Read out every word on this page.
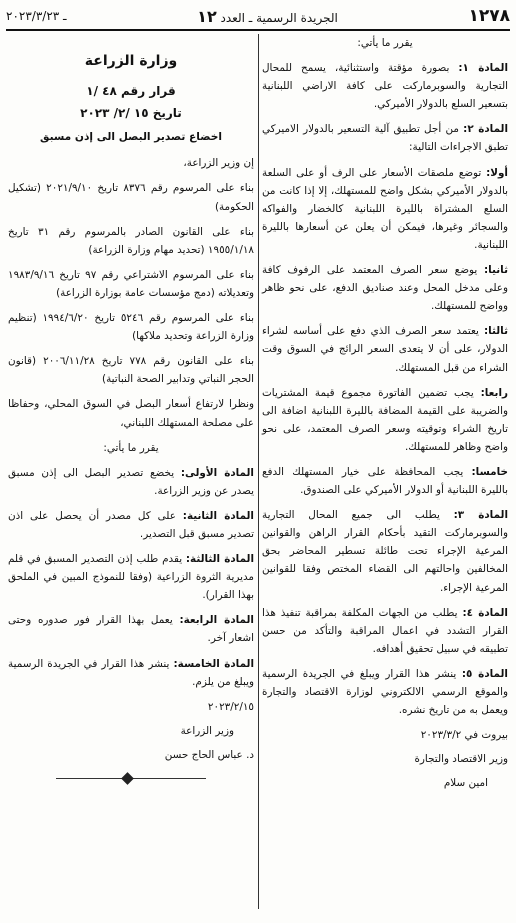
١٢٧٨
الجريدة الرسمية ـ العدد ١٢
ـ ٢٠٢٣/٣/٢٣

يقرر ما يأتي:

المادة ١: بصورة مؤقتة واستثنائية، يسمح للمحال التجارية والسوبرماركت على كافة الاراضي اللبنانية بتسعير السلع بالدولار الأميركي.

المادة ٢: من أجل تطبيق آلية التسعير بالدولار الاميركي تطبق الاجراءات التالية:

أولا: توضع ملصقات الأسعار على الرف أو على السلعة بالدولار الأميركي بشكل واضح للمستهلك، إلا إذا كانت من السلع المشتراة بالليرة اللبنانية كالخضار والفواكه والسجائر وغيرها، فيمكن أن يعلن عن أسعارها بالليرة اللبنانية.

ثانيا: يوضع سعر الصرف المعتمد على الرفوف كافة وعلى مدخل المحل وعند صناديق الدفع، على نحو ظاهر وواضح للمستهلك.

ثالثا: يعتمد سعر الصرف الذي دفع على أساسه لشراء الدولار، على أن لا يتعدى السعر الرائج في السوق وقت الشراء من قبل المستهلك.

رابعا: يجب تضمين الفاتورة مجموع قيمة المشتريات والضريبة على القيمة المضافة بالليرة اللبنانية اضافة الى تاريخ الشراء وتوقيته وسعر الصرف المعتمد، على نحو واضح وظاهر للمستهلك.

خامسا: يجب المحافظة على خيار المستهلك الدفع بالليرة اللبنانية أو الدولار الأميركي على الصندوق.

المادة ٣: يطلب الى جميع المحال التجارية والسوبرماركت التقيد بأحكام القرار الراهن والقوانين المرعية الإجراء تحت طائلة تسطير المحاضر بحق المخالفين واحالتهم الى القضاء المختص وفقا للقوانين المرعية الإجراء.

المادة ٤: يطلب من الجهات المكلفة بمراقبة تنفيذ هذا القرار التشدد في اعمال المراقبة والتأكد من حسن تطبيقه في سبيل تحقيق أهدافه.

المادة ٥: ينشر هذا القرار ويبلغ في الجريدة الرسمية والموقع الرسمي الالكتروني لوزارة الاقتصاد والتجارة ويعمل به من تاريخ نشره.

بيروت في ٢٠٢٣/٣/٢

وزير الاقتصاد والتجارة

امين سلام

وزارة الزراعة
قرار رقم ٤٨ /١
تاريخ ١٥ /٢/ ٢٠٢٣
اخضاع تصدير البصل الى إذن مسبق

إن وزير الزراعة،

بناء على المرسوم رقم ٨٣٧٦ تاريخ ٢٠٢١/٩/١٠ (تشكيل الحكومة)

بناء على القانون الصادر بالمرسوم رقم ٣١ تاريخ ١٩٥٥/١/١٨ (تحديد مهام وزارة الزراعة)

بناء على المرسوم الاشتراعي رقم ٩٧ تاريخ ١٩٨٣/٩/١٦ وتعديلاته (دمج مؤسسات عامة بوزارة الزراعة)

بناء على المرسوم رقم ٥٢٤٦ تاريخ ١٩٩٤/٦/٢٠ (تنظيم وزارة الزراعة وتحديد ملاكها)

بناء على القانون رقم ٧٧٨ تاريخ ٢٠٠٦/١١/٢٨ (قانون الحجر النباتي وتدابير الصحة النباتية)

ونظرا لارتفاع أسعار البصل في السوق المحلي، وحفاظا على مصلحة المستهلك اللبناني،

يقرر ما يأتي:

المادة الأولى: يخضع تصدير البصل الى إذن مسبق يصدر عن وزير الزراعة.

المادة الثانية: على كل مصدر أن يحصل على اذن تصدير مسبق قبل التصدير.

المادة الثالثة: يقدم طلب إذن التصدير المسبق في قلم مديرية الثروة الزراعية (وفقا للنموذج المبين في الملحق بهذا القرار).

المادة الرابعة: يعمل بهذا القرار فور صدوره وحتى اشعار آخر.

المادة الخامسة: ينشر هذا القرار في الجريدة الرسمية ويبلغ من يلزم.

٢٠٢٣/٢/١٥

وزير الزراعة

د. عباس الحاج حسن
